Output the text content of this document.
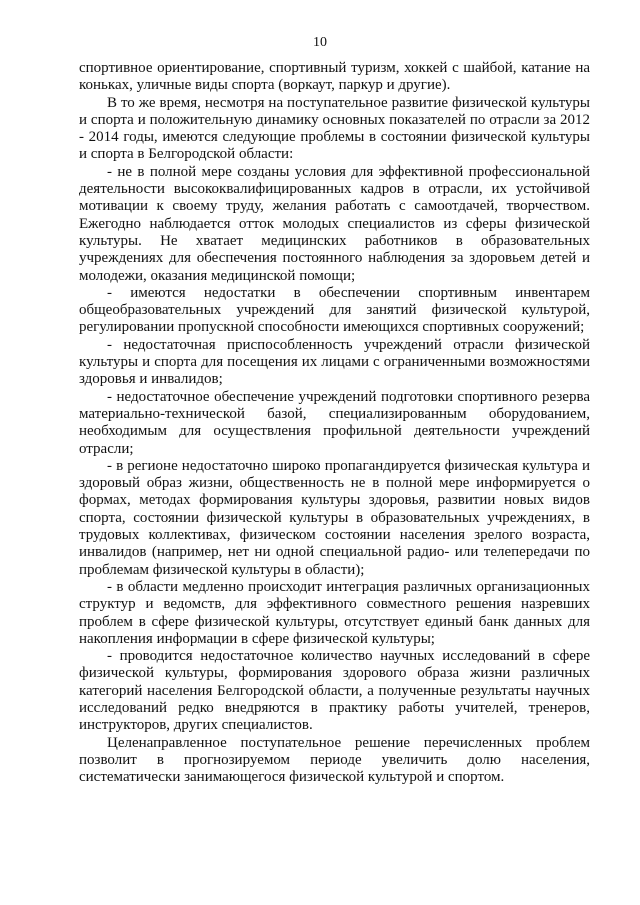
10

спортивное ориентирование, спортивный туризм, хоккей с шайбой, катание на коньках, уличные виды спорта (воркаут, паркур и другие).

В то же время, несмотря на поступательное развитие физической культуры и спорта и положительную динамику основных показателей по отрасли за 2012 - 2014 годы, имеются следующие проблемы в состоянии физической культуры и спорта в Белгородской области:

- не в полной мере созданы условия для эффективной профессиональной деятельности высококвалифицированных кадров в отрасли, их устойчивой мотивации к своему труду, желания работать с самоотдачей, творчеством. Ежегодно наблюдается отток молодых специалистов из сферы физической культуры. Не хватает медицинских работников в образовательных учреждениях для обеспечения постоянного наблюдения за здоровьем детей и молодежи, оказания медицинской помощи;

- имеются недостатки в обеспечении спортивным инвентарем общеобразовательных учреждений для занятий физической культурой, регулировании пропускной способности имеющихся спортивных сооружений;

- недостаточная приспособленность учреждений отрасли физической культуры и спорта для посещения их лицами с ограниченными возможностями здоровья и инвалидов;

- недостаточное обеспечение учреждений подготовки спортивного резерва материально-технической базой, специализированным оборудованием, необходимым для осуществления профильной деятельности учреждений отрасли;

- в регионе недостаточно широко пропагандируется физическая культура и здоровый образ жизни, общественность не в полной мере информируется о формах, методах формирования культуры здоровья, развитии новых видов спорта, состоянии физической культуры в образовательных учреждениях, в трудовых коллективах, физическом состоянии населения зрелого возраста, инвалидов (например, нет ни одной специальной радио- или телепередачи по проблемам физической культуры в области);

- в области медленно происходит интеграция различных организационных структур и ведомств, для эффективного совместного решения назревших проблем в сфере физической культуры, отсутствует единый банк данных для накопления информации в сфере физической культуры;

- проводится недостаточное количество научных исследований в сфере физической культуры, формирования здорового образа жизни различных категорий населения Белгородской области, а полученные результаты научных исследований редко внедряются в практику работы учителей, тренеров, инструкторов, других специалистов.

Целенаправленное поступательное решение перечисленных проблем позволит в прогнозируемом периоде увеличить долю населения, систематически занимающегося физической культурой и спортом.
